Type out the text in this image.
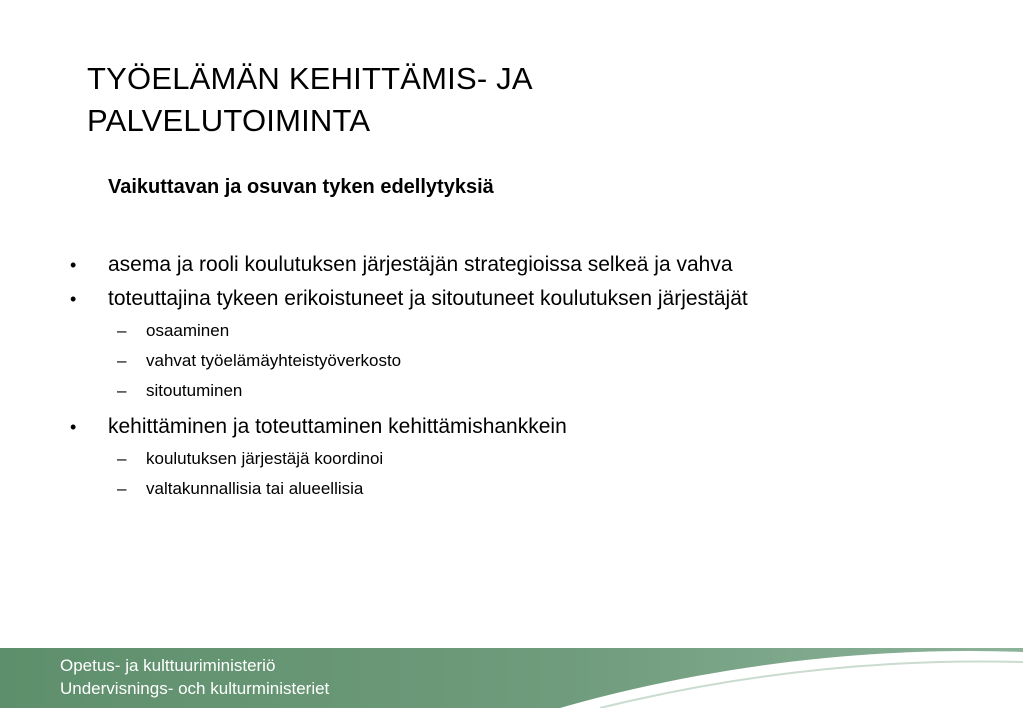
TYÖELÄMÄN KEHITTÄMIS- JA
PALVELUTOIMINTA

Vaikuttavan ja osuvan tyken edellytyksiä

• asema ja rooli koulutuksen järjestäjän strategioissa selkeä ja vahva
• toteuttajina tykeen erikoistuneet ja sitoutuneet koulutuksen järjestäjät
– osaaminen
– vahvat työelämäyhteistyöverkosto
– sitoutuminen
• kehittäminen ja toteuttaminen kehittämishankkein
– koulutuksen järjestäjä koordinoi
– valtakunnallisia tai alueellisia
Opetus- ja kulttuuriministeriö
Undervisnings- och kulturministeriet
